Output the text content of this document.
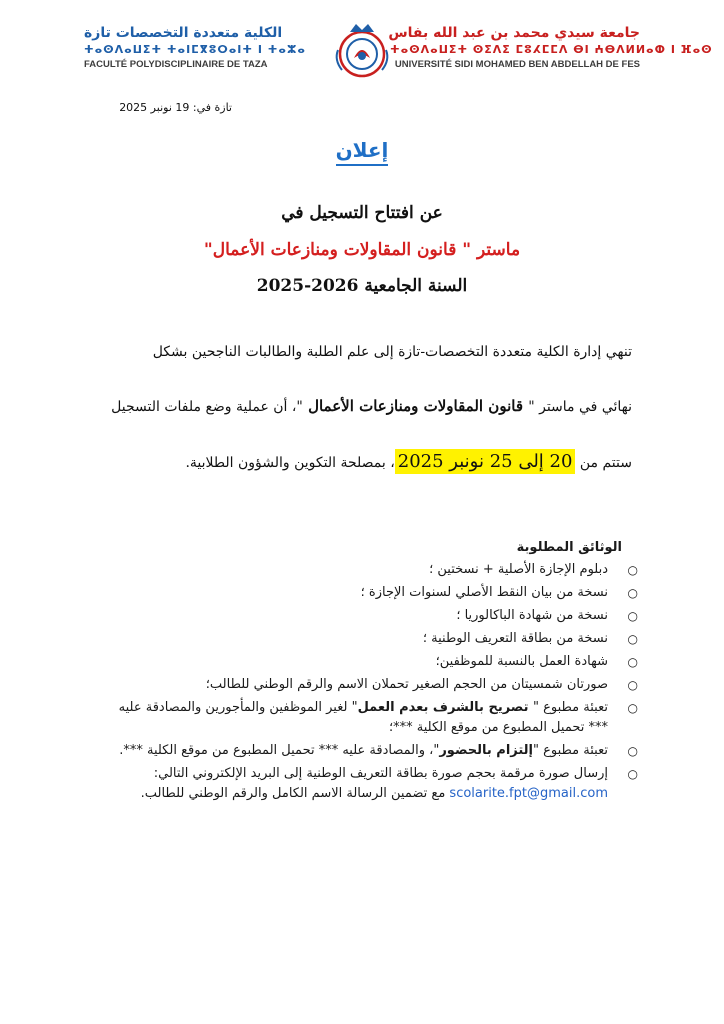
الكلية متعددة التخصصات تازة
ⵜⴰⵙⴷⴰⵡⵉⵜ ⵜⴰⵏⵎⴳⵓⵔⴰⵏⵜ ⵏ ⵜⴰⵣⴰ
FACULTÉ POLYDISCIPLINAIRE DE TAZA
جامعة سيدي محمد بن عبد الله بفاس
ⵜⴰⵙⴷⴰⵡⵉⵜ ⵙⵉⴷⵉ ⵎⵓⵃⵎⵎⴷ ⴱⵏ ⵄⴱⴷⵍⵍⴰⵀ ⵏ ⴼⴰⵙ
UNIVERSITÉ SIDI MOHAMED BEN ABDELLAH DE FES
تازة في: 19 نونبر 2025
إعلان
عن افتتاح التسجيل في
ماستر " قانون المقاولات ومنازعات الأعمال"
السنة الجامعية 2026-2025
تنهي إدارة الكلية متعددة التخصصات-تازة إلى علم الطلبة والطالبات الناجحين بشكل
نهائي في ماستر " قانون المقاولات ومنازعات الأعمال "، أن عملية وضع ملفات التسجيل
ستتم من 20 إلى 25 نونبر 2025، بمصلحة التكوين والشؤون الطلابية.
الوثائق المطلوبة
○ دبلوم الإجازة الأصلية + نسختين ؛
○ نسخة من بيان النقط الأصلي لسنوات الإجازة ؛
○ نسخة من شهادة الباكالوريا ؛
○ نسخة من بطاقة التعريف الوطنية ؛
○ شهادة العمل بالنسبة للموظفين؛
○ صورتان شمسيتان من الحجم الصغير تحملان الاسم والرقم الوطني للطالب؛
○ تعبئة مطبوع " تصريح بالشرف بعدم العمل" لغير الموظفين والمأجورين والمصادقة عليه *** تحميل المطبوع من موقع الكلية ***؛
○ تعبئة مطبوع "إلتزام بالحضور"، والمصادقة عليه *** تحميل المطبوع من موقع الكلية ***.
○ إرسال صورة مرقمة بحجم صورة بطاقة التعريف الوطنية إلى البريد الإلكتروني التالي: scolarite.fpt@gmail.com مع تضمين الرسالة الاسم الكامل والرقم الوطني للطالب.
